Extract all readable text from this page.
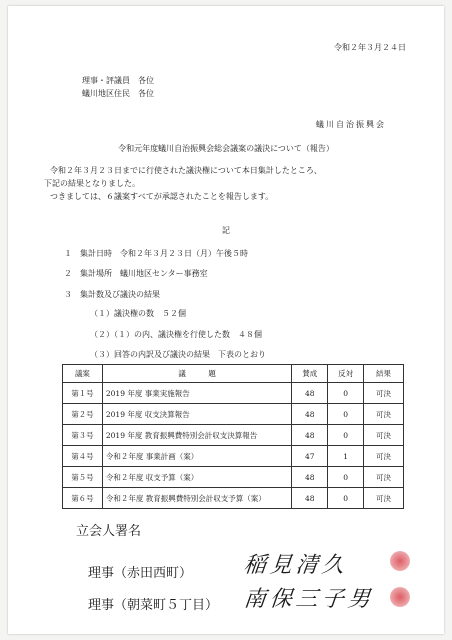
令和２年３月２４日
理事・評議員　各位
蟻川地区住民　各位
蟻川自治振興会
令和元年度蟻川自治振興会総会議案の議決について（報告）
令和２年３月２３日までに行使された議決権について本日集計したところ、
下記の結果となりました。
つきましては、６議案すべてが承認されたことを報告します。
記
１　集計日時　令和２年３月２３日（月）午後５時
２　集計場所　蟻川地区センター事務室
３　集計数及び議決の結果
（１）議決権の数　５２個
（２）（１）の内、議決権を行使した数　４８個
（３）回答の内訳及び議決の結果　下表のとおり
議案	議　　　題	賛成	反対	結果
第１号	2019 年度 事業実施報告	48	0	可決
第２号	2019 年度 収支決算報告	48	0	可決
第３号	2019 年度 教育振興費特別会計収支決算報告	48	0	可決
第４号	令和２年度 事業計画（案）	47	1	可決
第５号	令和２年度 収支予算（案）	48	0	可決
第６号	令和２年度 教育振興費特別会計収支予算（案）	48	0	可決
立会人署名
理事（赤田西町）
理事（朝菜町５丁目）
稲見清久
南保三子男
